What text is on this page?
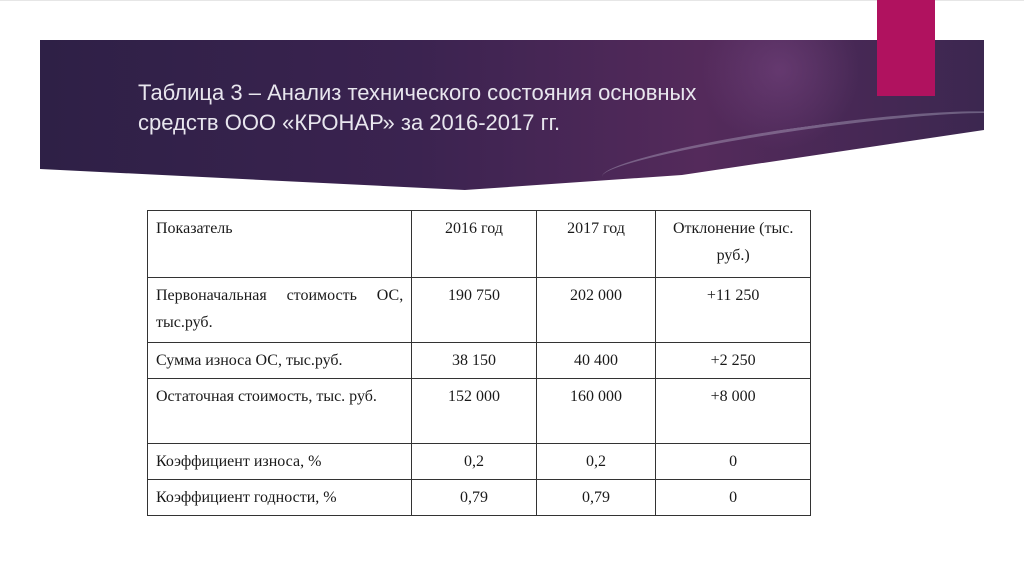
Таблица 3 – Анализ технического состояния основных
средств ООО «КРОНАР» за 2016-2017 гг.
Показатель	2016 год	2017 год	Отклонение (тыс. руб.)
Первоначальная стоимость ОС, тыс.руб.	190 750	202 000	+11 250
Сумма износа ОС, тыс.руб.	38 150	40 400	+2 250
Остаточная стоимость, тыс. руб.	152 000	160 000	+8 000
Коэффициент износа, %	0,2	0,2	0
Коэффициент годности, %	0,79	0,79	0
